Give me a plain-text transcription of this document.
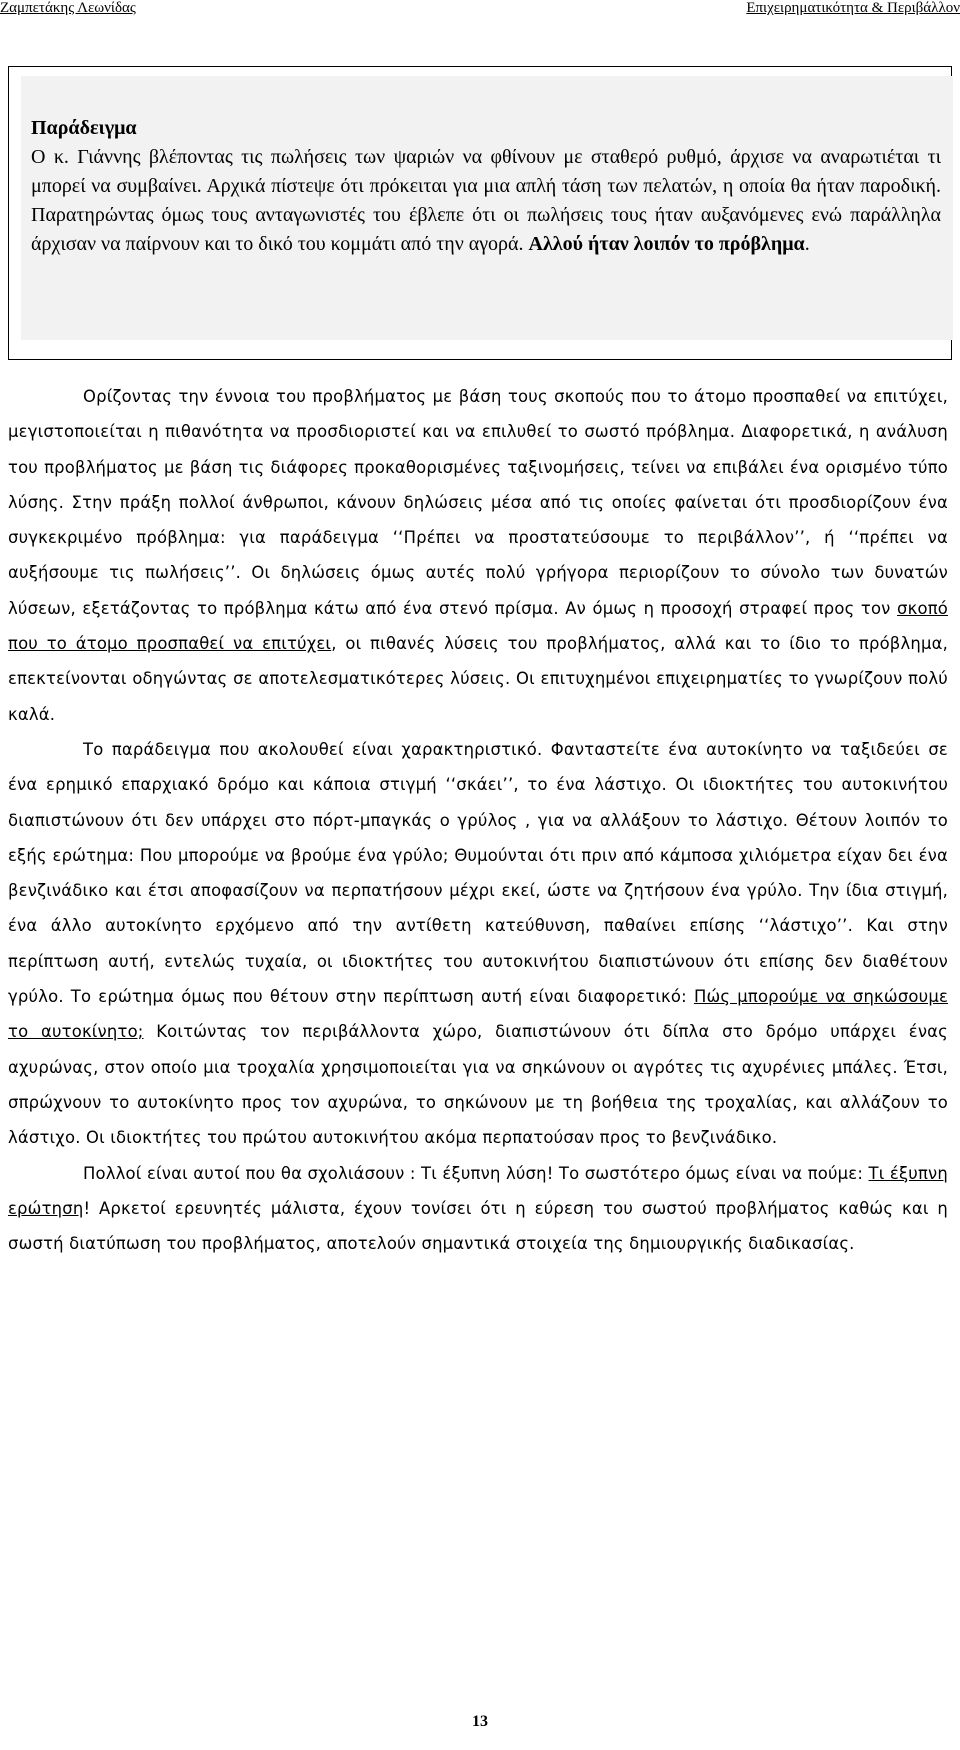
Ζαμπετάκης Λεωνίδας	Επιχειρηματικότητα & Περιβάλλον
Παράδειγμα
Ο κ. Γιάννης βλέποντας τις πωλήσεις των ψαριών να φθίνουν με σταθερό ρυθμό, άρχισε να αναρωτιέται τι μπορεί να συμβαίνει. Αρχικά πίστεψε ότι πρόκειται για μια απλή τάση των πελατών, η οποία θα ήταν παροδική. Παρατηρώντας όμως τους ανταγωνιστές του έβλεπε ότι οι πωλήσεις τους ήταν αυξανόμενες ενώ παράλληλα άρχισαν να παίρνουν και το δικό του κομμάτι από την αγορά. Αλλού ήταν λοιπόν το πρόβλημα.

Ορίζοντας την έννοια του προβλήματος με βάση τους σκοπούς που το άτομο προσπαθεί να επιτύχει, μεγιστοποιείται η πιθανότητα να προσδιοριστεί και να επιλυθεί το σωστό πρόβλημα. Διαφορετικά, η ανάλυση του προβλήματος με βάση τις διάφορες προκαθορισμένες ταξινομήσεις, τείνει να επιβάλει ένα ορισμένο τύπο λύσης. Στην πράξη πολλοί άνθρωποι, κάνουν δηλώσεις μέσα από τις οποίες φαίνεται ότι προσδιορίζουν ένα συγκεκριμένο πρόβλημα: για παράδειγμα ‘‘Πρέπει να προστατεύσουμε το περιβάλλον’’, ή ‘‘πρέπει να αυξήσουμε τις πωλήσεις’’. Οι δηλώσεις όμως αυτές πολύ γρήγορα περιορίζουν το σύνολο των δυνατών λύσεων, εξετάζοντας το πρόβλημα κάτω από ένα στενό πρίσμα. Αν όμως η προσοχή στραφεί προς τον σκοπό που το άτομο προσπαθεί να επιτύχει, οι πιθανές λύσεις του προβλήματος, αλλά και το ίδιο το πρόβλημα, επεκτείνονται οδηγώντας σε αποτελεσματικότερες λύσεις. Οι επιτυχημένοι επιχειρηματίες το γνωρίζουν πολύ καλά.

Το παράδειγμα που ακολουθεί είναι χαρακτηριστικό. Φανταστείτε ένα αυτοκίνητο να ταξιδεύει σε ένα ερημικό επαρχιακό δρόμο και κάποια στιγμή ‘‘σκάει’’, το ένα λάστιχο. Οι ιδιοκτήτες του αυτοκινήτου διαπιστώνουν ότι δεν υπάρχει στο πόρτ-μπαγκάς ο γρύλος , για να αλλάξουν το λάστιχο. Θέτουν λοιπόν το εξής ερώτημα: Που μπορούμε να βρούμε ένα γρύλο; Θυμούνται ότι πριν από κάμποσα χιλιόμετρα είχαν δει ένα βενζινάδικο και έτσι αποφασίζουν να περπατήσουν μέχρι εκεί, ώστε να ζητήσουν ένα γρύλο. Την ίδια στιγμή, ένα άλλο αυτοκίνητο ερχόμενο από την αντίθετη κατεύθυνση, παθαίνει επίσης ‘‘λάστιχο’’. Και στην περίπτωση αυτή, εντελώς τυχαία, οι ιδιοκτήτες του αυτοκινήτου διαπιστώνουν ότι επίσης δεν διαθέτουν γρύλο. Το ερώτημα όμως που θέτουν στην περίπτωση αυτή είναι διαφορετικό: Πώς μπορούμε να σηκώσουμε το αυτοκίνητο; Κοιτώντας τον περιβάλλοντα χώρο, διαπιστώνουν ότι δίπλα στο δρόμο υπάρχει ένας αχυρώνας, στον οποίο μια τροχαλία χρησιμοποιείται για να σηκώνουν οι αγρότες τις αχυρένιες μπάλες. Έτσι, σπρώχνουν το αυτοκίνητο προς τον αχυρώνα, το σηκώνουν με τη βοήθεια της τροχαλίας, και αλλάζουν το λάστιχο. Οι ιδιοκτήτες του πρώτου αυτοκινήτου ακόμα περπατούσαν προς το βενζινάδικο.

Πολλοί είναι αυτοί που θα σχολιάσουν : Τι έξυπνη λύση! Το σωστότερο όμως είναι να πούμε: Τι έξυπνη ερώτηση! Αρκετοί ερευνητές μάλιστα, έχουν τονίσει ότι η εύρεση του σωστού προβλήματος καθώς και η σωστή διατύπωση του προβλήματος, αποτελούν σημαντικά στοιχεία της δημιουργικής διαδικασίας.

13
